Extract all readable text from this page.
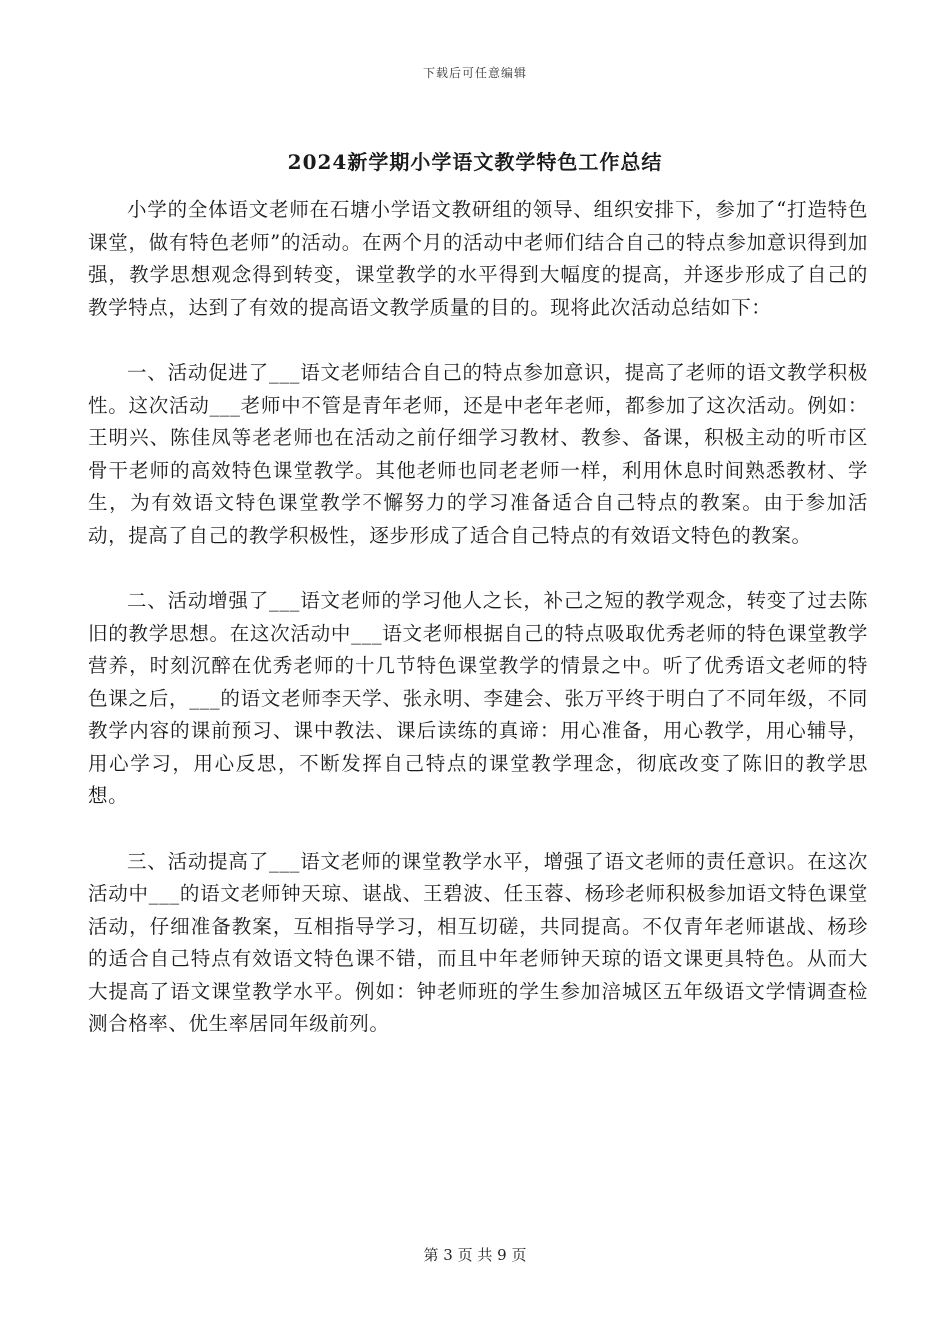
下载后可任意编辑
2024新学期小学语文教学特色工作总结

小学的全体语文老师在石塘小学语文教研组的领导、组织安排下，参加了“打造特色课堂，做有特色老师”的活动。在两个月的活动中老师们结合自己的特点参加意识得到加强，教学思想观念得到转变，课堂教学的水平得到大幅度的提高，并逐步形成了自己的教学特点，达到了有效的提高语文教学质量的目的。现将此次活动总结如下：

一、活动促进了___语文老师结合自己的特点参加意识，提高了老师的语文教学积极性。这次活动___老师中不管是青年老师，还是中老年老师，都参加了这次活动。例如：王明兴、陈佳凤等老老师也在活动之前仔细学习教材、教参、备课，积极主动的听市区骨干老师的高效特色课堂教学。其他老师也同老老师一样，利用休息时间熟悉教材、学生，为有效语文特色课堂教学不懈努力的学习准备适合自己特点的教案。由于参加活动，提高了自己的教学积极性，逐步形成了适合自己特点的有效语文特色的教案。

二、活动增强了___语文老师的学习他人之长，补己之短的教学观念，转变了过去陈旧的教学思想。在这次活动中___语文老师根据自己的特点吸取优秀老师的特色课堂教学营养，时刻沉醉在优秀老师的十几节特色课堂教学的情景之中。听了优秀语文老师的特色课之后，___的语文老师李天学、张永明、李建会、张万平终于明白了不同年级，不同教学内容的课前预习、课中教法、课后读练的真谛：用心准备，用心教学，用心辅导，用心学习，用心反思，不断发挥自己特点的课堂教学理念，彻底改变了陈旧的教学思想。

三、活动提高了___语文老师的课堂教学水平，增强了语文老师的责任意识。在这次活动中___的语文老师钟天琼、谌战、王碧波、任玉蓉、杨珍老师积极参加语文特色课堂活动，仔细准备教案，互相指导学习，相互切磋，共同提高。不仅青年老师谌战、杨珍的适合自己特点有效语文特色课不错，而且中年老师钟天琼的语文课更具特色。从而大大提高了语文课堂教学水平。例如：钟老师班的学生参加涪城区五年级语文学情调查检测合格率、优生率居同年级前列。

第 3 页 共 9 页
